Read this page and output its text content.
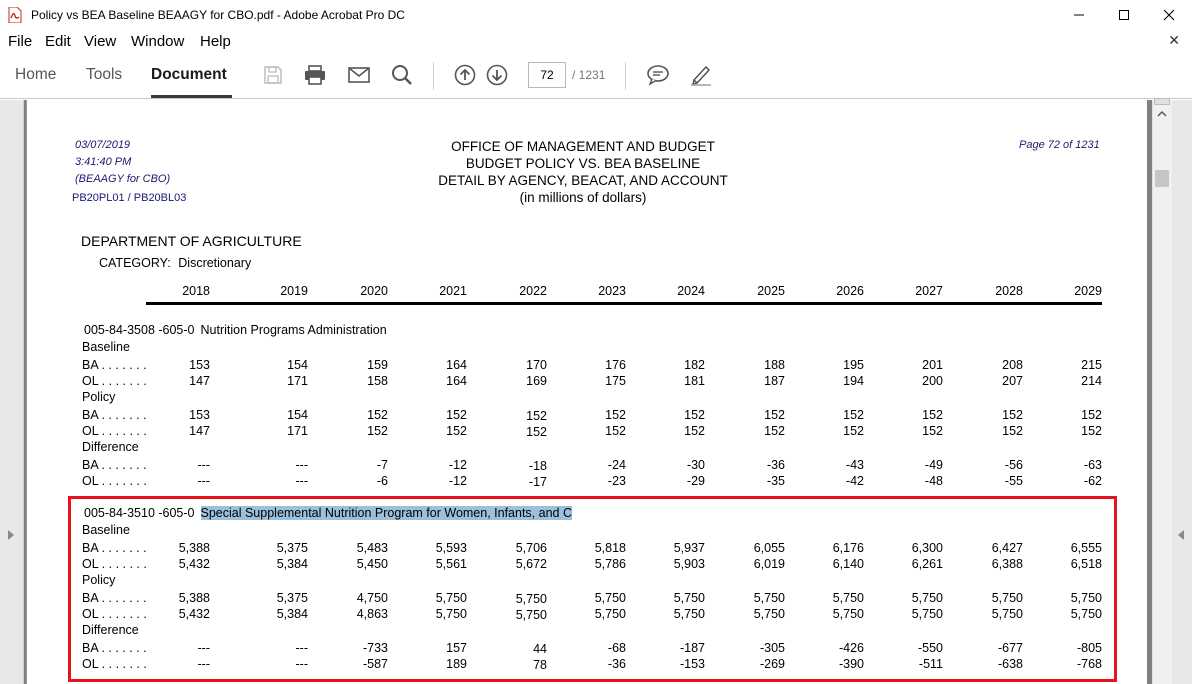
Policy vs BEA Baseline BEAAGY for CBO.pdf - Adobe Acrobat Pro DC
File Edit View Window Help	✕
Home Tools Document	72	/ 1231
03/07/2019
3:41:40 PM
(BEAAGY for CBO)
PB20PL01 / PB20BL03
OFFICE OF MANAGEMENT AND BUDGET
BUDGET POLICY VS. BEA BASELINE
DETAIL BY AGENCY, BEACAT, AND ACCOUNT
(in millions of dollars)
Page 72 of 1231
DEPARTMENT OF AGRICULTURE
CATEGORY: Discretionary
2018	2019	2020	2021	2022	2023	2024	2025	2026	2027	2028	2029
005-84-3508 -605-0 Nutrition Programs Administration
Baseline
BA . . . . . . .	153	154	159	164	170	176	182	188	195	201	208	215
OL . . . . . . .	147	171	158	164	169	175	181	187	194	200	207	214
Policy
BA . . . . . . .	153	154	152	152	152	152	152	152	152	152	152	152
OL . . . . . . .	147	171	152	152	152	152	152	152	152	152	152	152
Difference
BA . . . . . . .	---	---	-7	-12	-18	-24	-30	-36	-43	-49	-56	-63
OL . . . . . . .	---	---	-6	-12	-17	-23	-29	-35	-42	-48	-55	-62
005-84-3510 -605-0 Special Supplemental Nutrition Program for Women, Infants, and C
Baseline
BA . . . . . . .	5,388	5,375	5,483	5,593	5,706	5,818	5,937	6,055	6,176	6,300	6,427	6,555
OL . . . . . . .	5,432	5,384	5,450	5,561	5,672	5,786	5,903	6,019	6,140	6,261	6,388	6,518
Policy
BA . . . . . . .	5,388	5,375	4,750	5,750	5,750	5,750	5,750	5,750	5,750	5,750	5,750	5,750
OL . . . . . . .	5,432	5,384	4,863	5,750	5,750	5,750	5,750	5,750	5,750	5,750	5,750	5,750
Difference
BA . . . . . . .	---	---	-733	157	44	-68	-187	-305	-426	-550	-677	-805
OL . . . . . . .	---	---	-587	189	78	-36	-153	-269	-390	-511	-638	-768
